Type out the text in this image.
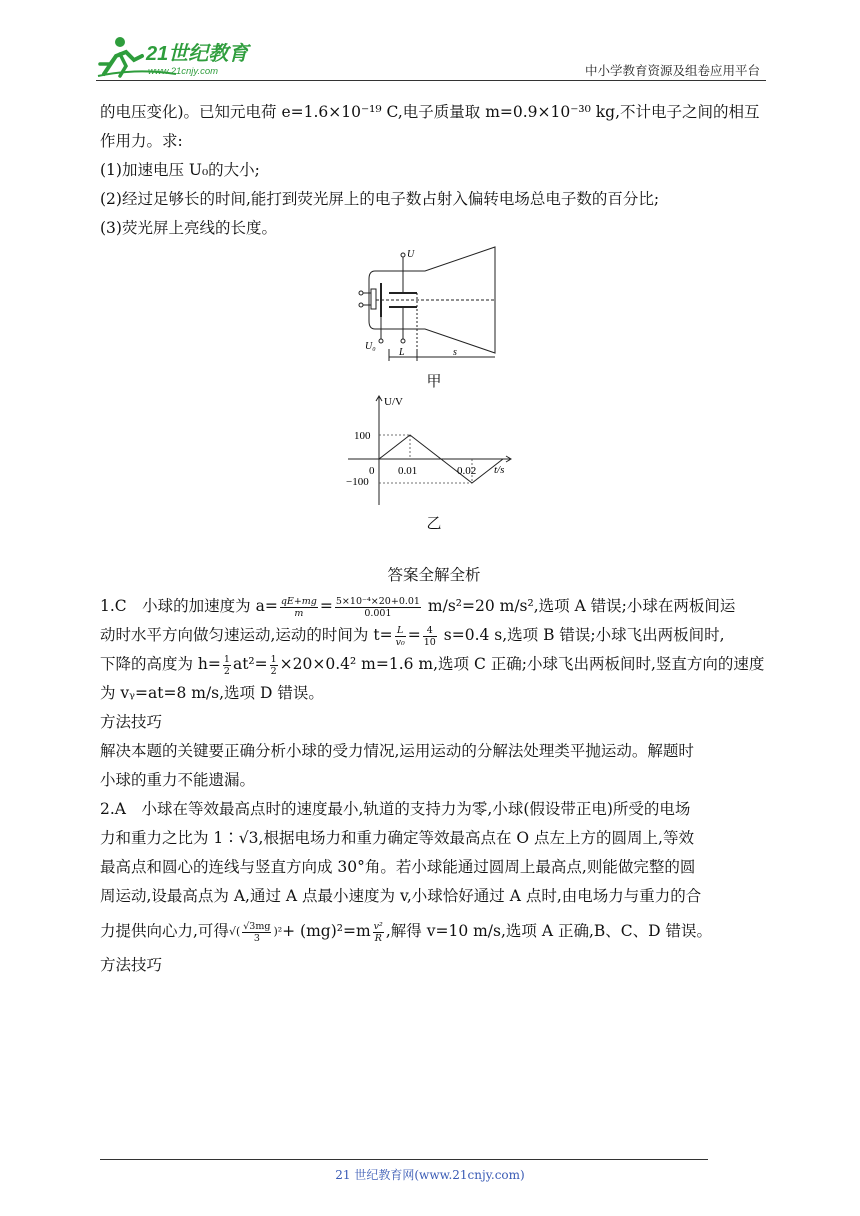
21世纪教育
www.21cnjy.com	中小学教育资源及组卷应用平台
的电压变化)。已知元电荷 e=1.6×10⁻¹⁹ C,电子质量取 m=0.9×10⁻³⁰ kg,不计电子之间的相互
作用力。求:
(1)加速电压 U₀的大小;
(2)经过足够长的时间,能打到荧光屏上的电子数占射入偏转电场总电子数的百分比;
(3)荧光屏上亮线的长度。
U
U₀
L	s
甲
U/V
t/s
100
0 0.01	0.02
−100
乙
答案全解全析
1.C　小球的加速度为 $a= \frac{qE+mg}{m} = \frac{\text{5×10⁻⁴×20+0.01}}{0.001} m/s^2=20$ m/s²,选项 A 错误;小球在两板间运
动时水平方向做匀速运动,运动的时间为 $t= \frac{L}{\text{v₀}} = \frac{4}{10} s=0.4$ s,选项 B 错误;小球飞出两板间时,
下降的高度为 $h= \frac{1}{2} at^2= \frac{1}{2} \times 20\times 0.4^2$ m=1.6 m,选项 C 正确;小球飞出两板间时,竖直方向的速度
为 vᵧ=at=8 m/s,选项 D 错误。
方法技巧
解决本题的关键要正确分析小球的受力情况,运用运动的分解法处理类平抛运动。解题时
小球的重力不能遗漏。
2.A　小球在等效最高点时的速度最小,轨道的支持力为零,小球(假设带正电)所受的电场
力和重力之比为 1∶√3,根据电场力和重力确定等效最高点在 O 点左上方的圆周上,等效
最高点和圆心的连线与竖直方向成 30°角。若小球能通过圆周上最高点,则能做完整的圆
周运动,设最高点为 A,通过 A 点最小速度为 v,小球恰好通过 A 点时,由电场力与重力的合
力提供向心力,可得√( $\frac{√3mg}{3} )^2+ (mg)^2=m \frac{\text{v²}}{R}$ ,解得 v=10 m/s,选项 A 正确,B、C、D 错误。
方法技巧
21 世纪教育网(www.21cnjy.com)
